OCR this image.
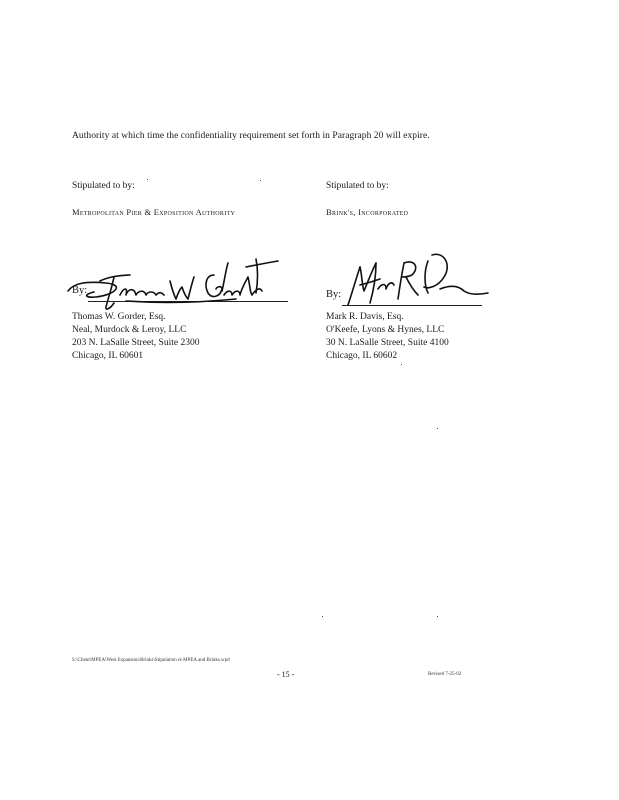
Authority at which time the confidentiality requirement set forth in Paragraph 20 will expire.
Stipulated to by:
Metropolitan Pier & Exposition Authority
By:
Thomas W. Gorder, Esq.
Neal, Murdock & Leroy, LLC
203 N. LaSalle Street, Suite 2300
Chicago, IL 60601
Stipulated to by:
Brink's, Incorporated
By:
Mark R. Davis, Esq.
O'Keefe, Lyons & Hynes, LLC
30 N. LaSalle Street, Suite 4100
Chicago, IL 60602
S:\Client\MPEA\West Expansion\Brinks\Stipulation re MPEA and Brinks.wpd
- 15 -	Revised 7-25-02
